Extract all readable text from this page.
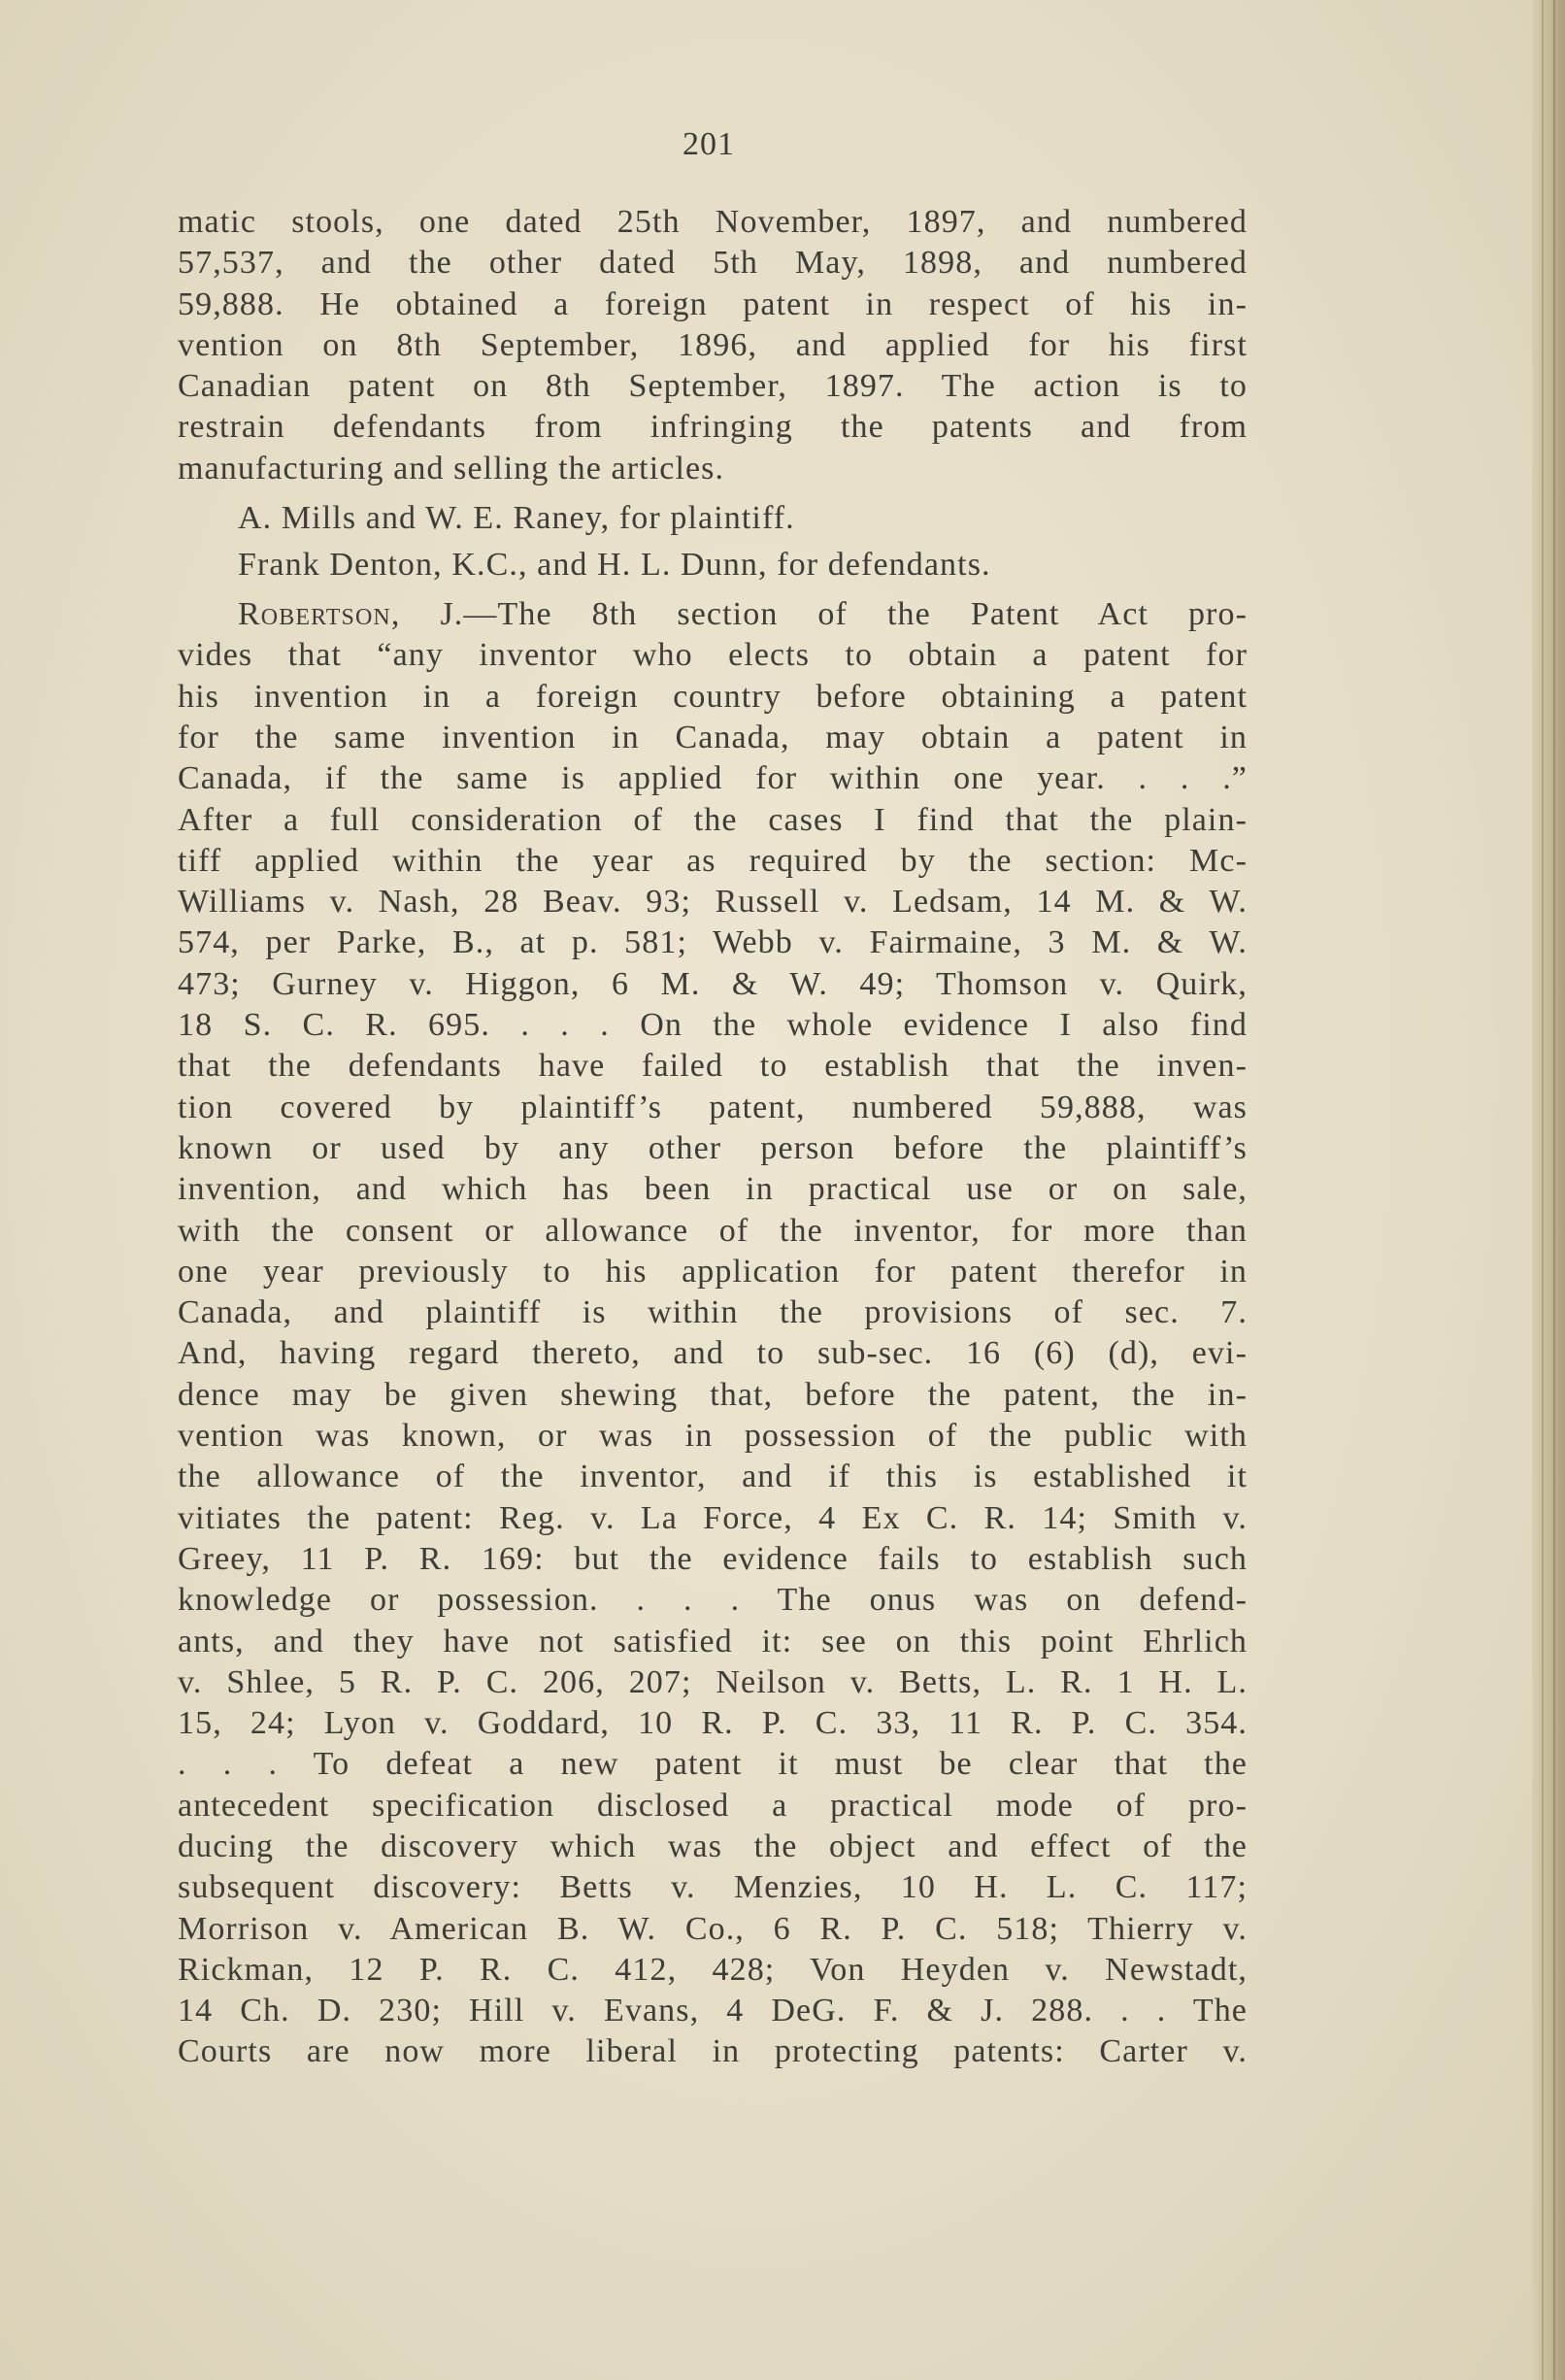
201
matic stools, one dated 25th November, 1897, and numbered
57,537, and the other dated 5th May, 1898, and numbered
59,888. He obtained a foreign patent in respect of his in-
vention on 8th September, 1896, and applied for his first
Canadian patent on 8th September, 1897. The action is to
restrain defendants from infringing the patents and from
manufacturing and selling the articles.
A. Mills and W. E. Raney, for plaintiff.
Frank Denton, K.C., and H. L. Dunn, for defendants.
Robertson, J.—The 8th section of the Patent Act pro-
vides that “any inventor who elects to obtain a patent for
his invention in a foreign country before obtaining a patent
for the same invention in Canada, may obtain a patent in
Canada, if the same is applied for within one year. . . .”
After a full consideration of the cases I find that the plain-
tiff applied within the year as required by the section: Mc-
Williams v. Nash, 28 Beav. 93; Russell v. Ledsam, 14 M. & W.
574, per Parke, B., at p. 581; Webb v. Fairmaine, 3 M. & W.
473; Gurney v. Higgon, 6 M. & W. 49; Thomson v. Quirk,
18 S. C. R. 695. . . . On the whole evidence I also find
that the defendants have failed to establish that the inven-
tion covered by plaintiff’s patent, numbered 59,888, was
known or used by any other person before the plaintiff’s
invention, and which has been in practical use or on sale,
with the consent or allowance of the inventor, for more than
one year previously to his application for patent therefor in
Canada, and plaintiff is within the provisions of sec. 7.
And, having regard thereto, and to sub-sec. 16 (6) (d), evi-
dence may be given shewing that, before the patent, the in-
vention was known, or was in possession of the public with
the allowance of the inventor, and if this is established it
vitiates the patent: Reg. v. La Force, 4 Ex C. R. 14; Smith v.
Greey, 11 P. R. 169: but the evidence fails to establish such
knowledge or possession. . . . The onus was on defend-
ants, and they have not satisfied it: see on this point Ehrlich
v. Shlee, 5 R. P. C. 206, 207; Neilson v. Betts, L. R. 1 H. L.
15, 24; Lyon v. Goddard, 10 R. P. C. 33, 11 R. P. C. 354.
. . . To defeat a new patent it must be clear that the
antecedent specification disclosed a practical mode of pro-
ducing the discovery which was the object and effect of the
subsequent discovery: Betts v. Menzies, 10 H. L. C. 117;
Morrison v. American B. W. Co., 6 R. P. C. 518; Thierry v.
Rickman, 12 P. R. C. 412, 428; Von Heyden v. Newstadt,
14 Ch. D. 230; Hill v. Evans, 4 DeG. F. & J. 288. . . The
Courts are now more liberal in protecting patents: Carter v.
